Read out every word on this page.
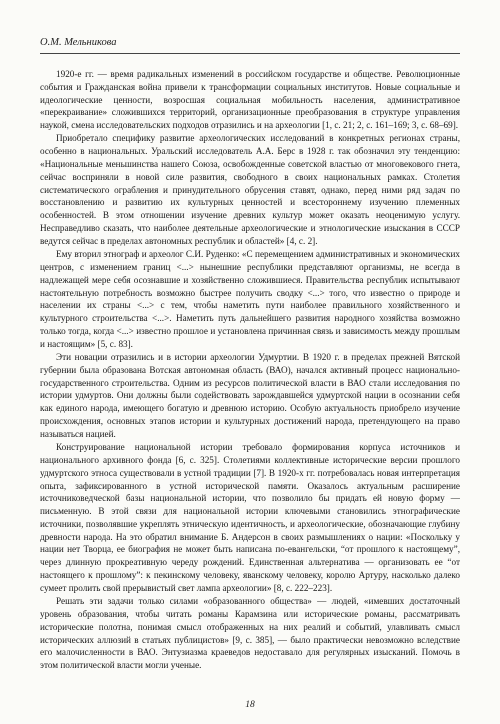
О.М. Мельникова

1920-е гг. — время радикальных изменений в российском государстве и обществе. Революционные события и Гражданская война привели к трансформации социальных институтов. Новые социальные и идеологические ценности, возросшая социальная мобильность населения, административное «перекраивание» сложившихся территорий, организационные преобразования в структуре управления наукой, смена исследовательских подходов отразились и на археологии [1, с. 21; 2, с. 161–169; 3, с. 68–69].

Приобретало специфику развитие археологических исследований в конкретных регионах страны, особенно в национальных. Уральский исследователь А.А. Берс в 1928 г. так обозначил эту тенденцию: «Национальные меньшинства нашего Союза, освобожденные советской властью от многовекового гнета, сейчас восприняли в новой силе развития, свободного в своих национальных рамках. Столетия систематического ограбления и принудительного обрусения ставят, однако, перед ними ряд задач по восстановлению и развитию их культурных ценностей и всестороннему изучению племенных особенностей. В этом отношении изучение древних культур может оказать неоценимую услугу. Несправедливо сказать, что наиболее деятельные археологические и этнологические изыскания в СССР ведутся сейчас в пределах автономных республик и областей» [4, с. 2].

Ему вторил этнограф и археолог С.И. Руденко: «С перемещением административных и экономических центров, с изменением границ <...> нынешние республики представляют организмы, не всегда в надлежащей мере себя осознавшие и хозяйственно сложившиеся. Правительства республик испытывают настоятельную потребность возможно быстрее получить сводку <...> того, что известно о природе и населении их страны <...> с тем, чтобы наметить пути наиболее правильного хозяйственного и культурного строительства <...>. Наметить путь дальнейшего развития народного хозяйства возможно только тогда, когда <...> известно прошлое и установлена причинная связь и зависимость между прошлым и настоящим» [5, с. 83].

Эти новации отразились и в истории археологии Удмуртии. В 1920 г. в пределах прежней Вятской губернии была образована Вотская автономная область (ВАО), начался активный процесс национально-государственного строительства. Одним из ресурсов политической власти в ВАО стали исследования по истории удмуртов. Они должны были содействовать зарождавшейся удмуртской нации в осознании себя как единого народа, имеющего богатую и древнюю историю. Особую актуальность приобрело изучение происхождения, основных этапов истории и культурных достижений народа, претендующего на право называться нацией.

Конструирование национальной истории требовало формирования корпуса источников и национального архивного фонда [6, с. 325]. Столетиями коллективные исторические версии прошлого удмуртского этноса существовали в устной традиции [7]. В 1920-х гг. потребовалась новая интерпретация опыта, зафиксированного в устной исторической памяти. Оказалось актуальным расширение источниковедческой базы национальной истории, что позволило бы придать ей новую форму — письменную. В этой связи для национальной истории ключевыми становились этнографические источники, позволявшие укреплять этническую идентичность, и археологические, обозначающие глубину древности народа. На это обратил внимание Б. Андерсон в своих размышлениях о нации: «Поскольку у нации нет Творца, ее биография не может быть написана по-евангельски, “от прошлого к настоящему”, через длинную прокреативную череду рождений. Единственная альтернатива — организовать ее “от настоящего к прошлому”: к пекинскому человеку, яванскому человеку, королю Артуру, насколько далеко сумеет пролить свой прерывистый свет лампа археологии» [8, с. 222–223].

Решать эти задачи только силами «образованного общества» — людей, «имевших достаточный уровень образования, чтобы читать романы Карамзина или исторические романы, рассматривать исторические полотна, понимая смысл отображенных на них реалий и событий, улавливать смысл исторических аллюзий в статьях публицистов» [9, с. 385], — было практически невозможно вследствие его малочисленности в ВАО. Энтузиазма краеведов недоставало для регулярных изысканий. Помочь в этом политической власти могли ученые.

18
